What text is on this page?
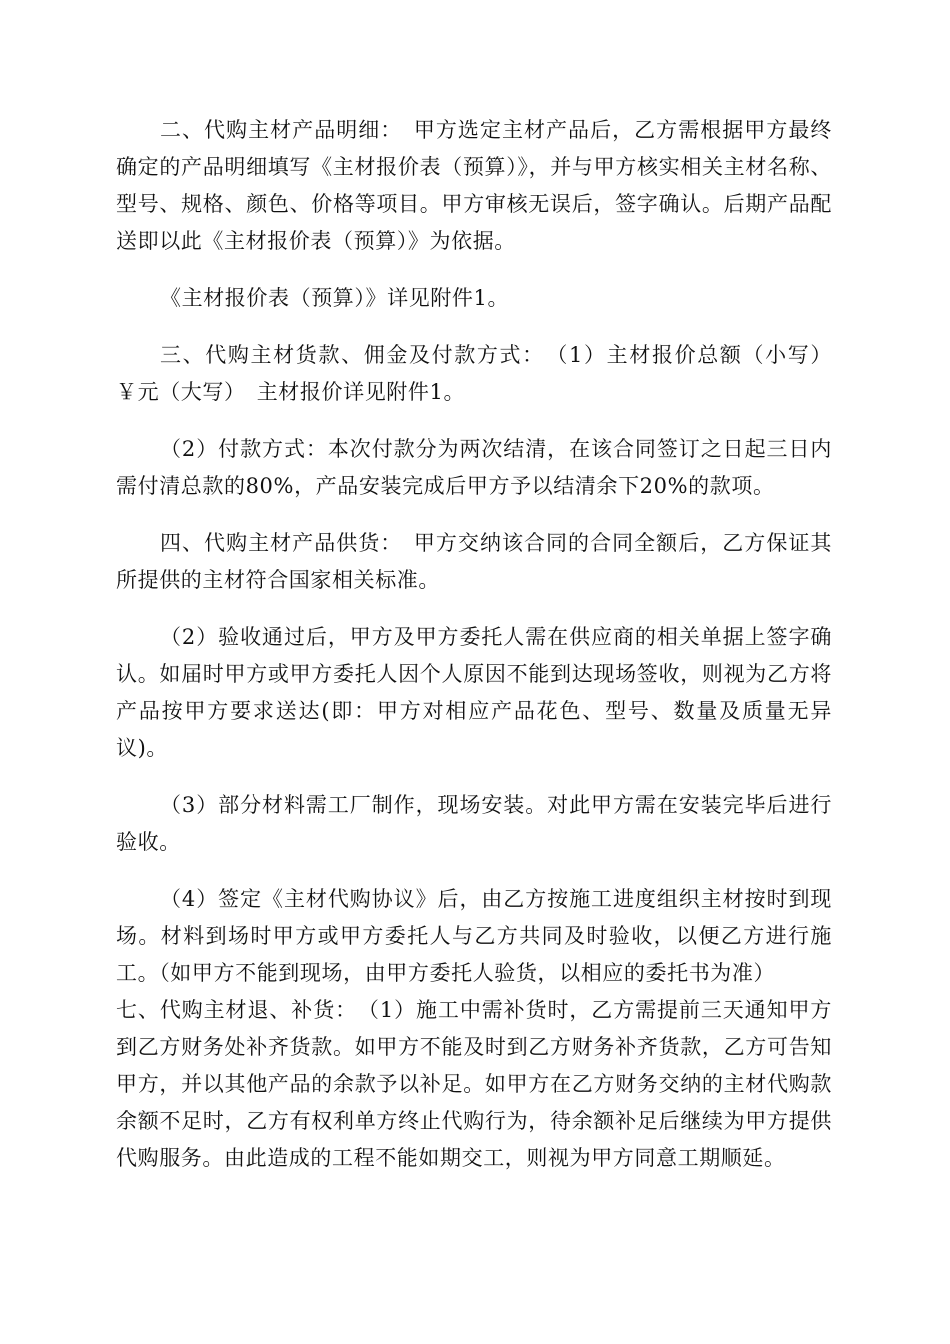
二、代购主材产品明细：　甲方选定主材产品后，乙方需根据甲方最终确定的产品明细填写《主材报价表（预算）》，并与甲方核实相关主材名称、型号、规格、颜色、价格等项目。甲方审核无误后，签字确认。后期产品配送即以此《主材报价表（预算）》为依据。

《主材报价表（预算）》详见附件1。

三、代购主材货款、佣金及付款方式：　（1）主材报价总额（小写）￥元（大写）　主材报价详见附件1。

（2）付款方式：本次付款分为两次结清，在该合同签订之日起三日内需付清总款的80%，产品安装完成后甲方予以结清余下20%的款项。

四、代购主材产品供货：　甲方交纳该合同的合同全额后，乙方保证其所提供的主材符合国家相关标准。

（2）验收通过后，甲方及甲方委托人需在供应商的相关单据上签字确认。如届时甲方或甲方委托人因个人原因不能到达现场签收，则视为乙方将产品按甲方要求送达(即：甲方对相应产品花色、型号、数量及质量无异议)。

（3）部分材料需工厂制作，现场安装。对此甲方需在安装完毕后进行验收。

（4）签定《主材代购协议》后，由乙方按施工进度组织主材按时到现场。材料到场时甲方或甲方委托人与乙方共同及时验收，以便乙方进行施工。（如甲方不能到现场，由甲方委托人验货，以相应的委托书为准）

七、代购主材退、补货：　（1）施工中需补货时，乙方需提前三天通知甲方到乙方财务处补齐货款。如甲方不能及时到乙方财务补齐货款，乙方可告知甲方，并以其他产品的余款予以补足。如甲方在乙方财务交纳的主材代购款余额不足时，乙方有权利单方终止代购行为，待余额补足后继续为甲方提供代购服务。由此造成的工程不能如期交工，则视为甲方同意工期顺延。
